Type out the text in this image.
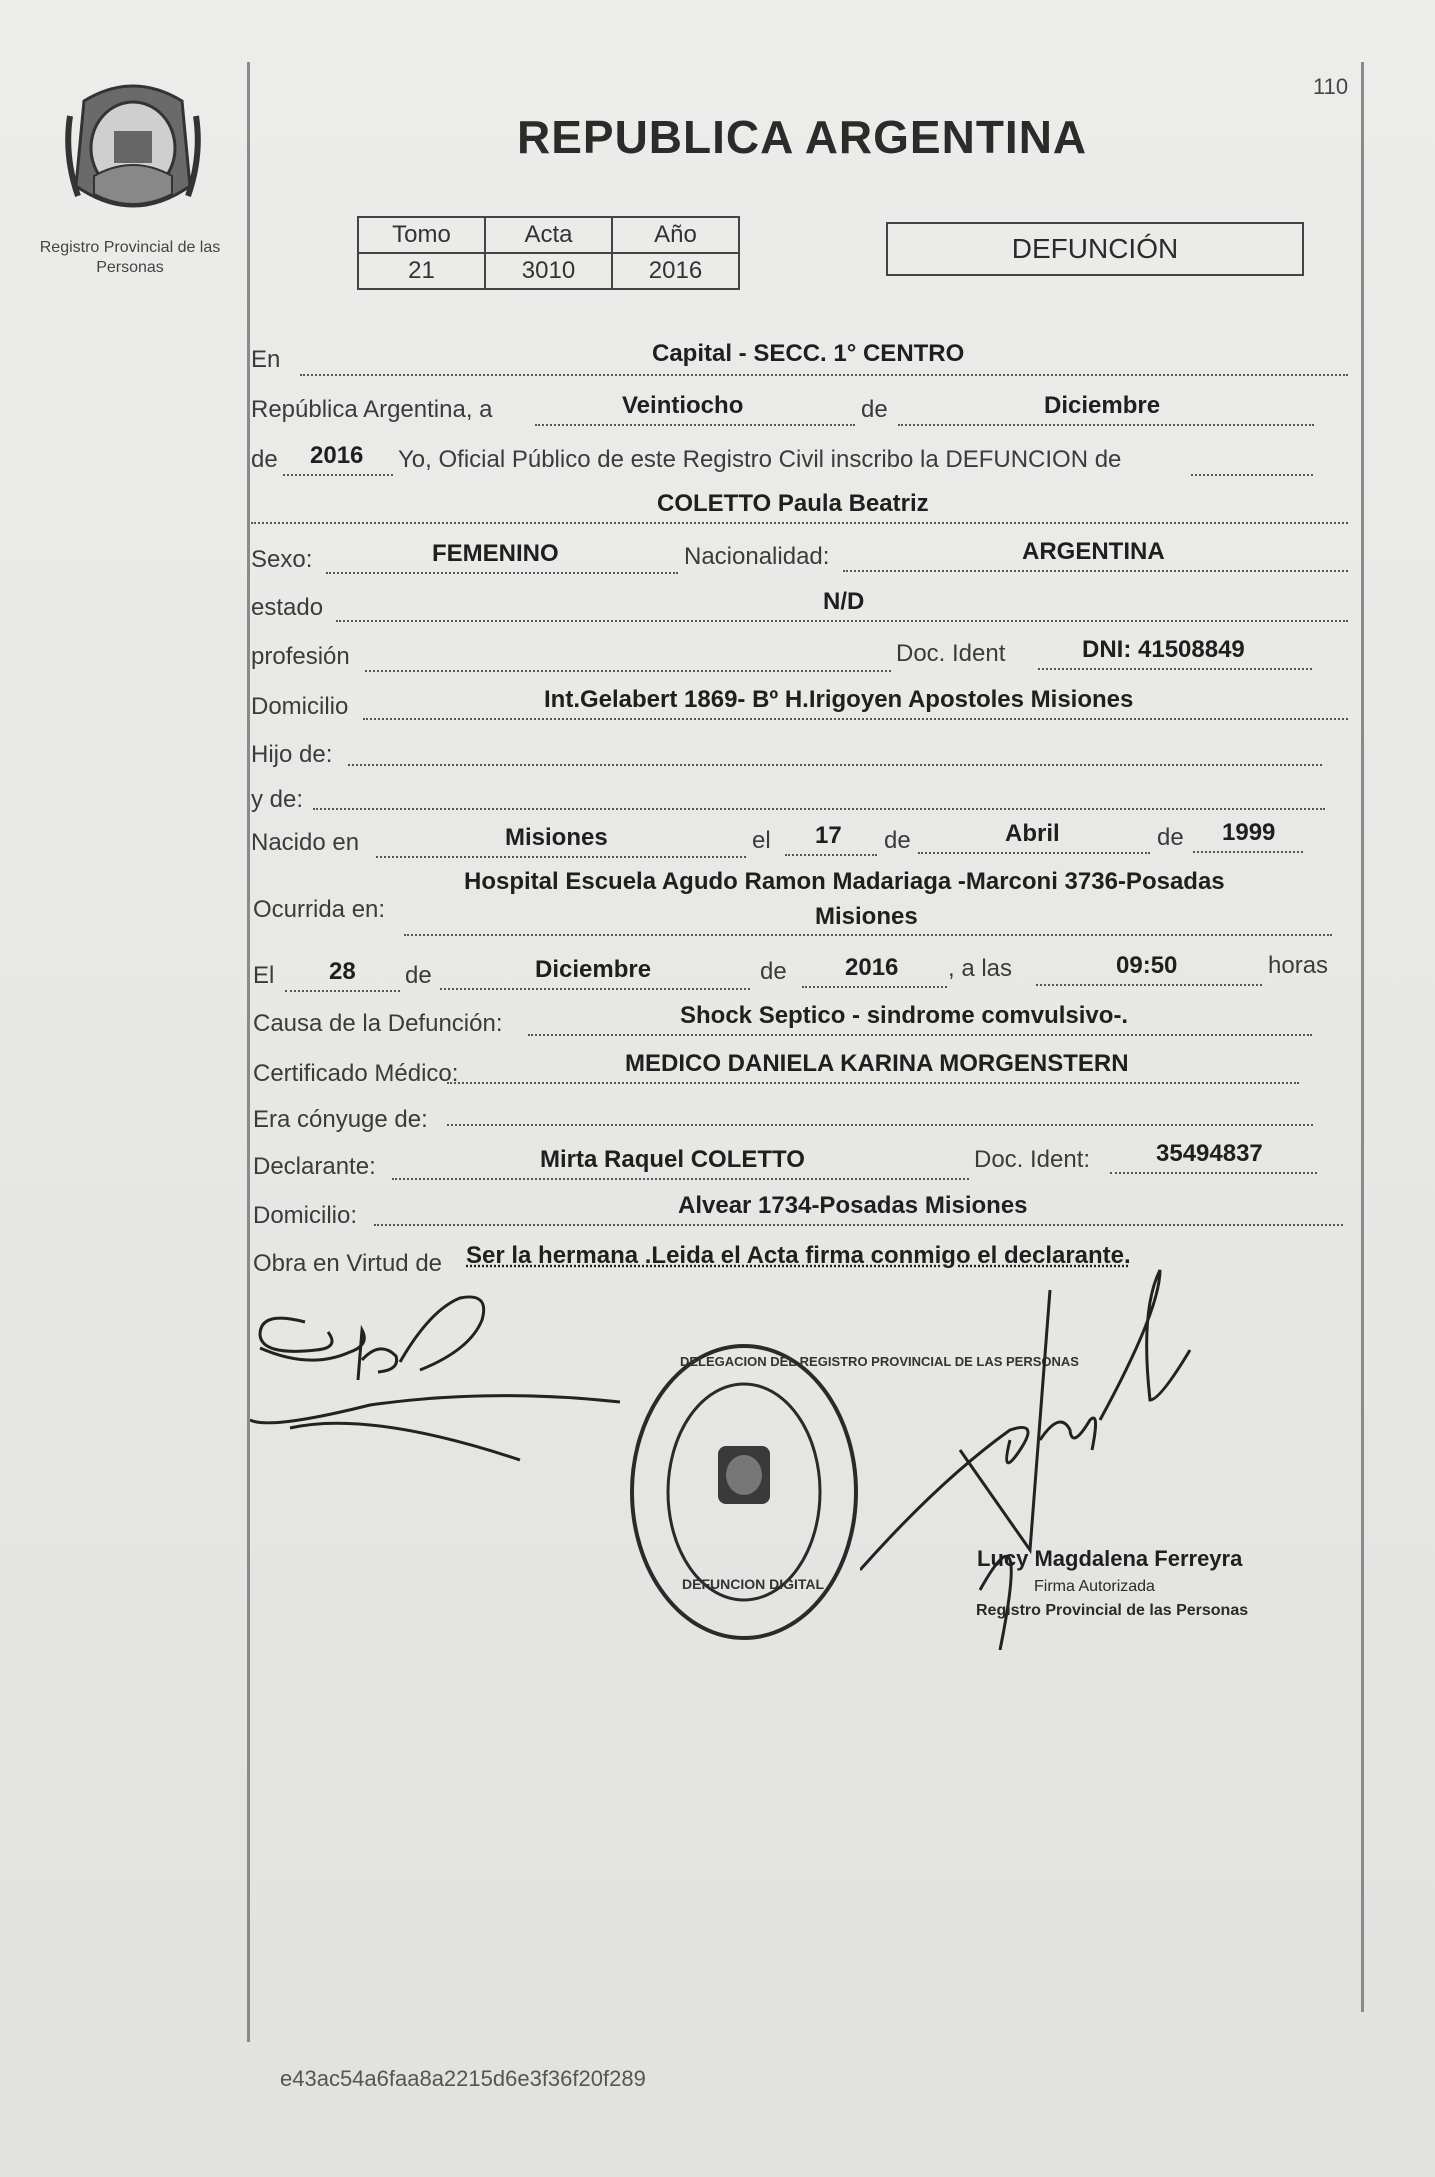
Registro Provincial de las Personas
110
REPUBLICA ARGENTINA
Tomo	Acta	Año
21	3010	2016
DEFUNCIÓN
En	Capital - SECC. 1° CENTRO
República Argentina, a	Veintiocho	de	Diciembre
de 2016 Yo, Oficial Público de este Registro Civil inscribo la DEFUNCION de
COLETTO Paula Beatriz
Sexo:	FEMENINO	Nacionalidad:	ARGENTINA
estado	N/D
profesión	Doc. Ident	DNI: 41508849
Domicilio	Int.Gelabert 1869- Bº H.Irigoyen Apostoles Misiones
Hijo de:
y de:
Nacido en	Misiones	el 17 de	Abril	de 1999
Ocurrida en:
Hospital Escuela Agudo Ramon Madariaga -Marconi 3736-Posadas
Misiones
El 28 de	Diciembre	de 2016 , a las	09:50	horas
Causa de la Defunción:	Shock Septico - sindrome comvulsivo-.
Certificado Médico:	MEDICO DANIELA KARINA MORGENSTERN
Era cónyuge de:
Declarante:	Mirta Raquel COLETTO	Doc. Ident:	35494837
Domicilio:	Alvear 1734-Posadas Misiones
Obra en Virtud de Ser la hermana .Leida el Acta firma conmigo el declarante.
DELEGACION DEL REGISTRO PROVINCIAL DE LAS PERSONAS
DEFUNCION DIGITAL
Lucy Magdalena Ferreyra
Firma Autorizada
Registro Provincial de las Personas
e43ac54a6faa8a2215d6e3f36f20f289
